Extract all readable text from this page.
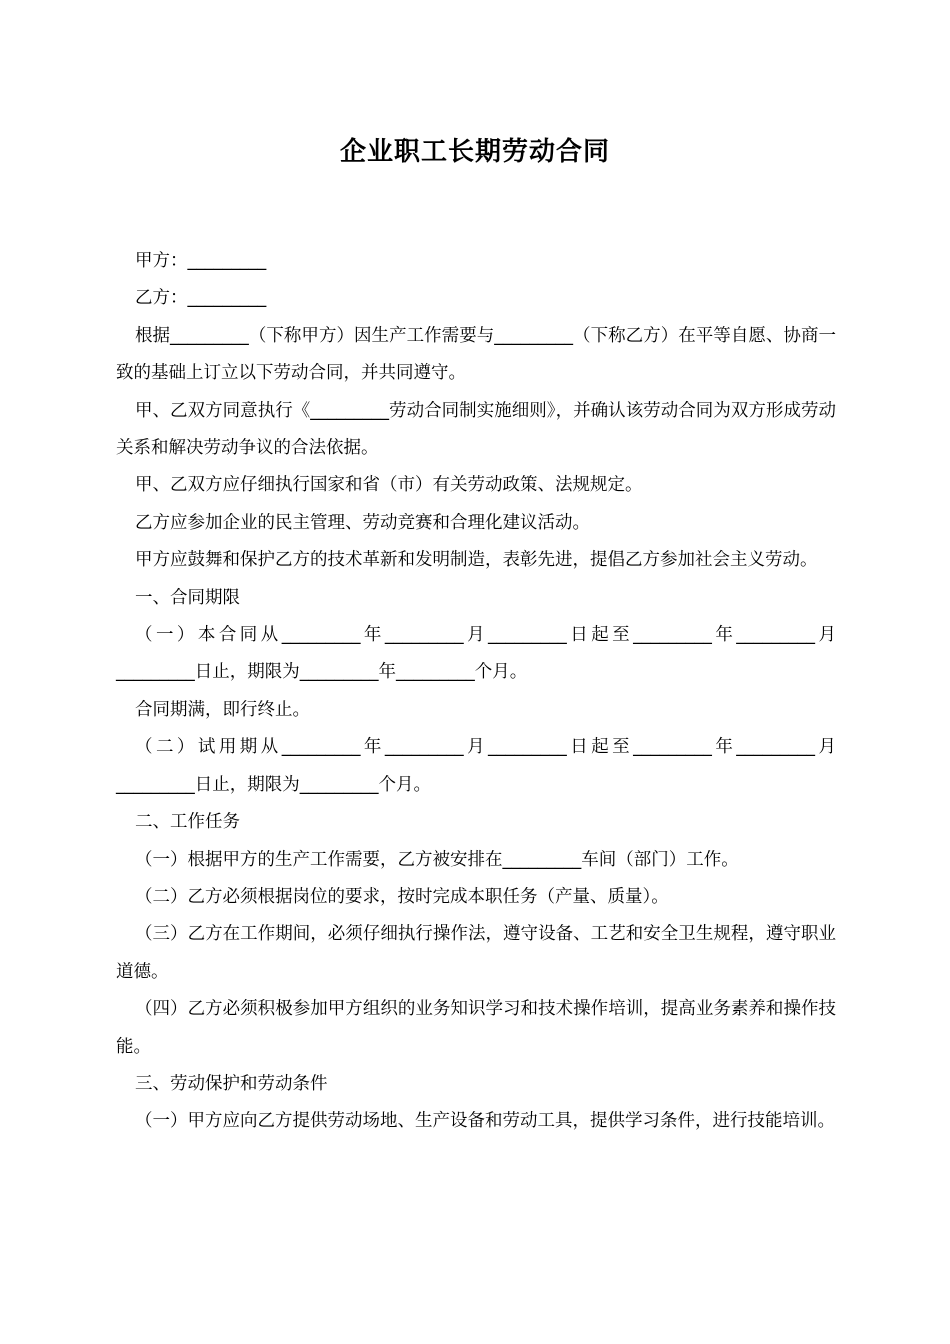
企业职工长期劳动合同

甲方：_________

乙方：_________

根据_________（下称甲方）因生产工作需要与_________（下称乙方）在平等自愿、协商一致的基础上订立以下劳动合同，并共同遵守。

甲、乙双方同意执行《_________劳动合同制实施细则》，并确认该劳动合同为双方形成劳动关系和解决劳动争议的合法依据。

甲、乙双方应仔细执行国家和省（市）有关劳动政策、法规规定。

乙方应参加企业的民主管理、劳动竞赛和合理化建议活动。

甲方应鼓舞和保护乙方的技术革新和发明制造，表彰先进，提倡乙方参加社会主义劳动。

一、合同期限

（一）本合同从_________年_________月_________日起至_________年_________月_________日止，期限为_________年_________个月。

合同期满，即行终止。

（二）试用期从_________年_________月_________日起至_________年_________月_________日止，期限为_________个月。

二、工作任务

（一）根据甲方的生产工作需要，乙方被安排在_________车间（部门）工作。

（二）乙方必须根据岗位的要求，按时完成本职任务（产量、质量）。

（三）乙方在工作期间，必须仔细执行操作法，遵守设备、工艺和安全卫生规程，遵守职业道德。

（四）乙方必须积极参加甲方组织的业务知识学习和技术操作培训，提高业务素养和操作技能。

三、劳动保护和劳动条件

（一）甲方应向乙方提供劳动场地、生产设备和劳动工具，提供学习条件，进行技能培训。
